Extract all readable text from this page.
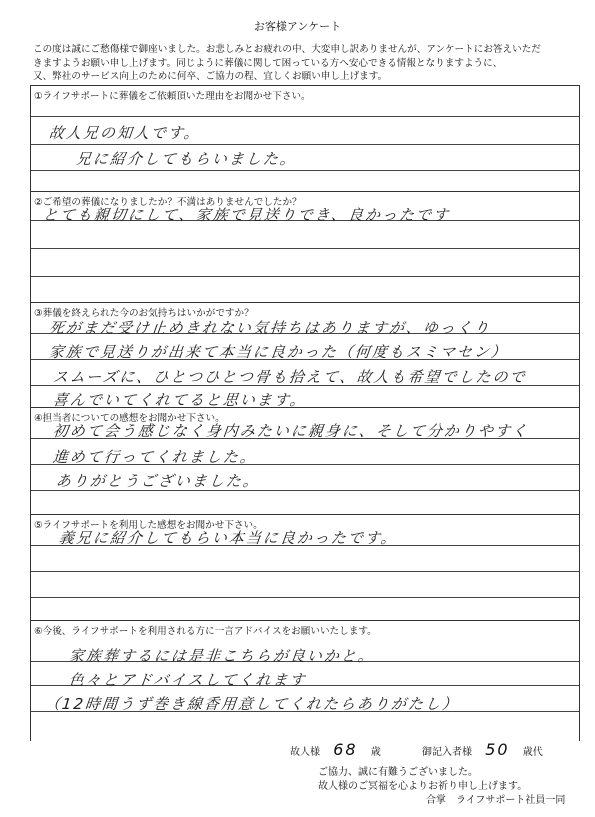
お客様アンケート
この度は誠にご愁傷様で御座いました。お悲しみとお疲れの中、大変申し訳ありませんが、アンケートにお答えいただ
きますようお願い申し上げます。同じように葬儀に関して困っている方へ安心できる情報となりますように、
又、弊社のサービス向上のために何卒、ご協力の程、宜しくお願い申し上げます。
①ライフサポートに葬儀をご依頼頂いた理由をお聞かせ下さい。
故人兄の知人です。
兄に紹介してもらいました。
②ご希望の葬儀になりましたか？不満はありませんでしたか？
とても親切にして、家族で見送りでき、良かったです
③葬儀を終えられた今のお気持ちはいかがですか？
死がまだ受け止めきれない気持ちはありますが、ゆっくり
家族で見送りが出来て本当に良かった（何度もスミマセン）
スムーズに、ひとつひとつ骨も拾えて、故人も希望でしたので
喜んでいてくれてると思います。
④担当者についての感想をお聞かせ下さい。
初めて会う感じなく身内みたいに親身に、そして分かりやすく
進めて行ってくれました。
ありがとうございました。
⑤ライフサポートを利用した感想をお聞かせ下さい。
義兄に紹介してもらい本当に良かったです。
⑥今後、ライフサポートを利用される方に一言アドバイスをお願いいたします。
家族葬するには是非こちらが良いかと。
色々とアドバイスしてくれます
（12時間うず巻き線香用意してくれたらありがたし）
故人様 68 歳	御記入者様 50 歳代
ご協力、誠に有難うございました。
故人様のご冥福を心よりお祈り申し上げます。
合掌　ライフサポート社員一同
